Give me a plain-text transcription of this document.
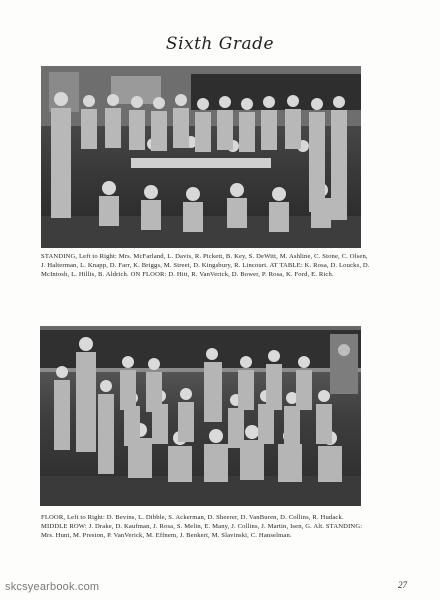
Sixth Grade
STANDING, Left to Right: Mrs. McFarland, L. Davis, R. Pickett, B. Key, S. DeWitt, M. Ashline, C. Stone, C. Olsen, J. Halterman, L. Knapp, D. Farr, K. Briggs, M. Street, D. Kingsbury, R. Lincourt. AT TABLE: K. Rosa, D. Loucks, D. McIntosh, L. Hillis, B. Aldrich. ON FLOOR: D. Hitt, R. VanVerick, D. Bower, P. Rosa, K. Ford, E. Rich.
FLOOR, Left to Right: D. Bevins, L. Dibble, S. Ackerman, D. Sheerer, D. VanBuren, D. Collins, R. Hudack. MIDDLE ROW: J. Drake, D. Kaufman, J. Rosa, S. Melin, E. Many, J. Collins, J. Martin, Isen, G. Alt. STANDING: Mrs. Hunt, M. Preston, P. VanVerick, M. Effnem, J. Benkert, M. Slavinski, C. Hanselman.
skcsyearbook.com	27
